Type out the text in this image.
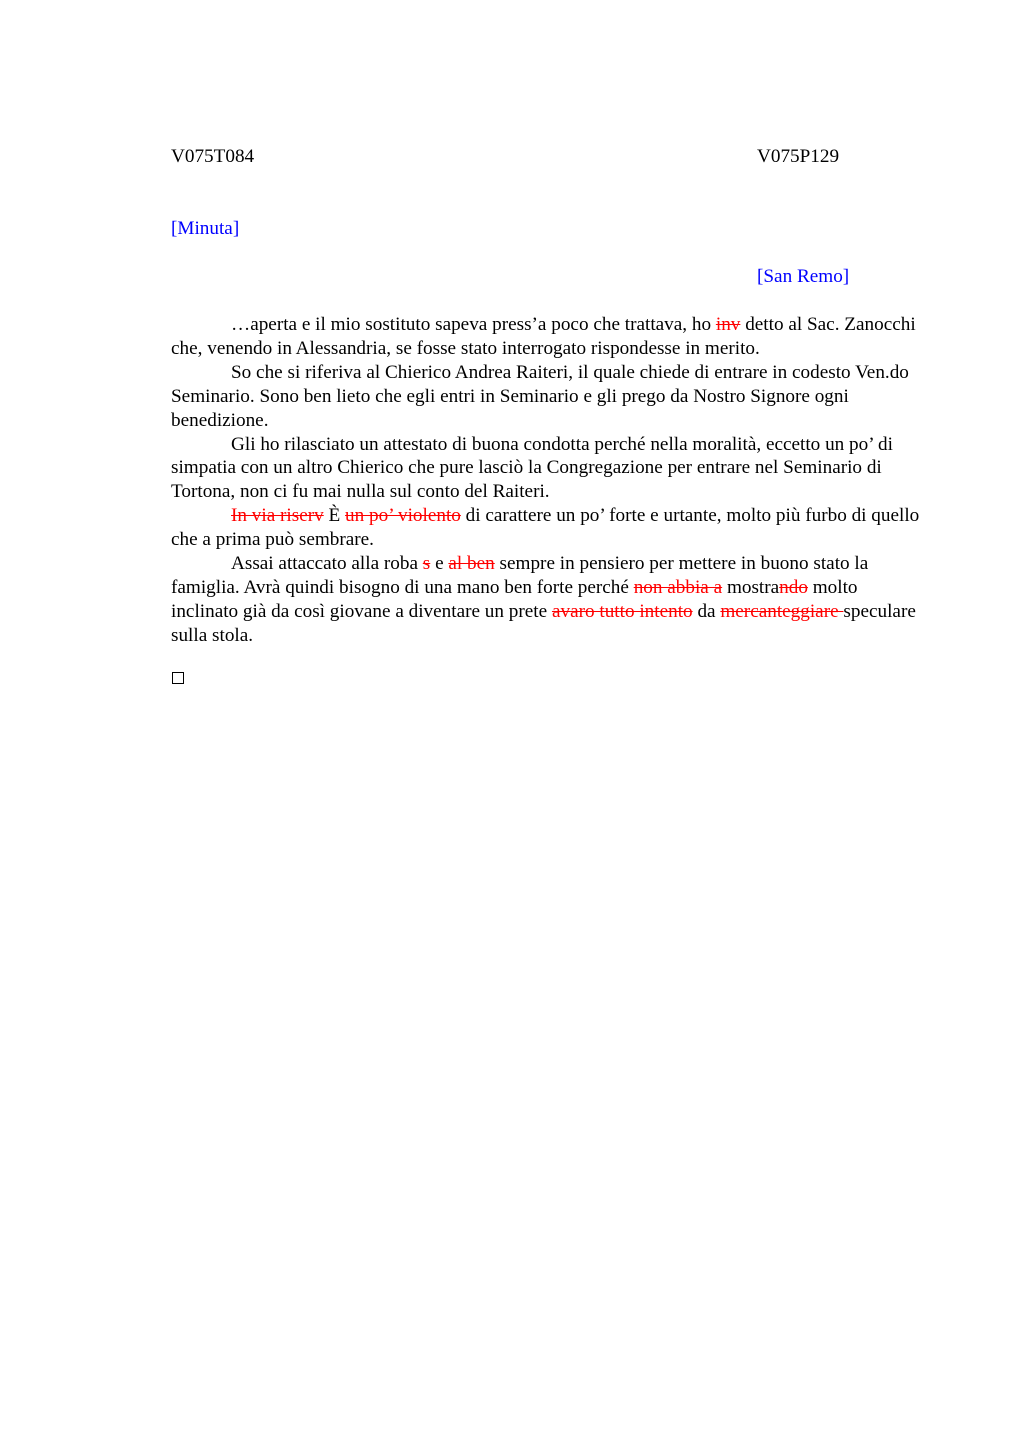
V075T084	V075P129
[Minuta]
[San Remo]

…aperta e il mio sostituto sapeva press’a poco che trattava, ho inv detto al Sac. Zanocchi che, venendo in Alessandria, se fosse stato interrogato rispondesse in merito.

So che si riferiva al Chierico Andrea Raiteri, il quale chiede di entrare in codesto Ven.do Seminario. Sono ben lieto che egli entri in Seminario e gli prego da Nostro Signore ogni benedizione.

Gli ho rilasciato un attestato di buona condotta perché nella moralità, eccetto un po’ di simpatia con un altro Chierico che pure lasciò la Congregazione per entrare nel Seminario di Tortona, non ci fu mai nulla sul conto del Raiteri.

In via riserv È un po’ violento di carattere un po’ forte e urtante, molto più furbo di quello che a prima può sembrare.

Assai attaccato alla roba s e al ben sempre in pensiero per mettere in buono stato la famiglia. Avrà quindi bisogno di una mano ben forte perché non abbia a mostrando molto inclinato già da così giovane a diventare un prete avaro tutto intento da mercanteggiare speculare sulla stola.
